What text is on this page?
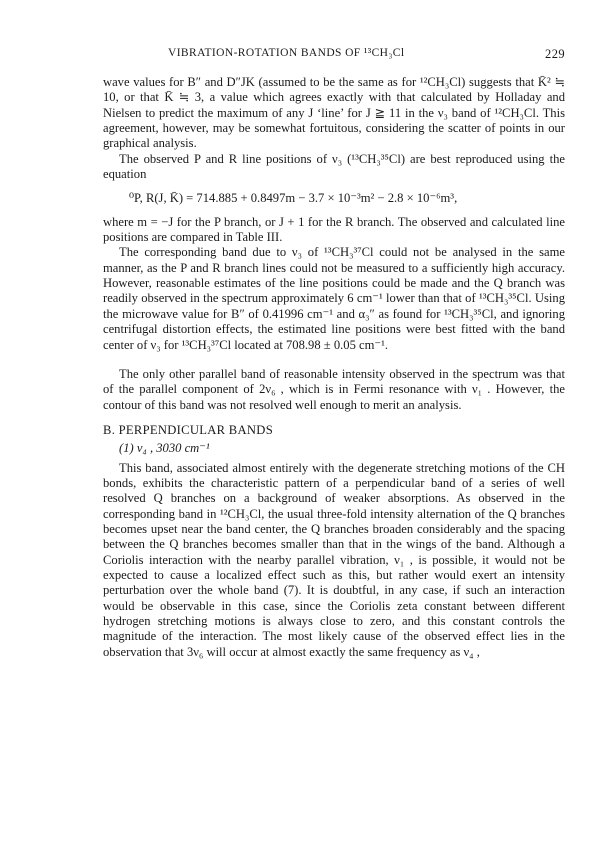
VIBRATION-ROTATION BANDS OF ¹³CH₃Cl	229

wave values for B″ and D″JK (assumed to be the same as for ¹²CH₃Cl) suggests that K̄² ≒ 10, or that K̄ ≒ 3, a value which agrees exactly with that calculated by Holladay and Nielsen to predict the maximum of any J ‘line’ for J ≧ 11 in the ν₃ band of ¹²CH₃Cl. This agreement, however, may be somewhat fortuitous, considering the scatter of points in our graphical analysis.

The observed P and R line positions of ν₃ (¹³CH₃³⁵Cl) are best reproduced using the equation

⁰P, R(J, K̄) = 714.885 + 0.8497m − 3.7 × 10⁻³m² − 2.8 × 10⁻⁶m³,

where m = −J for the P branch, or J + 1 for the R branch. The observed and calculated line positions are compared in Table III.

The corresponding band due to ν₃ of ¹³CH₃³⁷Cl could not be analysed in the same manner, as the P and R branch lines could not be measured to a sufficiently high accuracy. However, reasonable estimates of the line positions could be made and the Q branch was readily observed in the spectrum approximately 6 cm⁻¹ lower than that of ¹³CH₃³⁵Cl. Using the microwave value for B″ of 0.41996 cm⁻¹ and α₃″ as found for ¹³CH₃³⁵Cl, and ignoring centrifugal distortion effects, the estimated line positions were best fitted with the band center of ν₃ for ¹³CH₃³⁷Cl located at 708.98 ± 0.05 cm⁻¹.

The only other parallel band of reasonable intensity observed in the spectrum was that of the parallel component of 2ν₆ , which is in Fermi resonance with ν₁ . However, the contour of this band was not resolved well enough to merit an analysis.

B. PERPENDICULAR BANDS

(1) ν₄ , 3030 cm⁻¹

This band, associated almost entirely with the degenerate stretching motions of the CH bonds, exhibits the characteristic pattern of a perpendicular band of a series of well resolved Q branches on a background of weaker absorptions. As observed in the corresponding band in ¹²CH₃Cl, the usual three-fold intensity alternation of the Q branches becomes upset near the band center, the Q branches broaden considerably and the spacing between the Q branches becomes smaller than that in the wings of the band. Although a Coriolis interaction with the nearby parallel vibration, ν₁ , is possible, it would not be expected to cause a localized effect such as this, but rather would exert an intensity perturbation over the whole band (7). It is doubtful, in any case, if such an interaction would be observable in this case, since the Coriolis zeta constant between different hydrogen stretching motions is always close to zero, and this constant controls the magnitude of the interaction. The most likely cause of the observed effect lies in the observation that 3ν₆ will occur at almost exactly the same frequency as ν₄ ,
